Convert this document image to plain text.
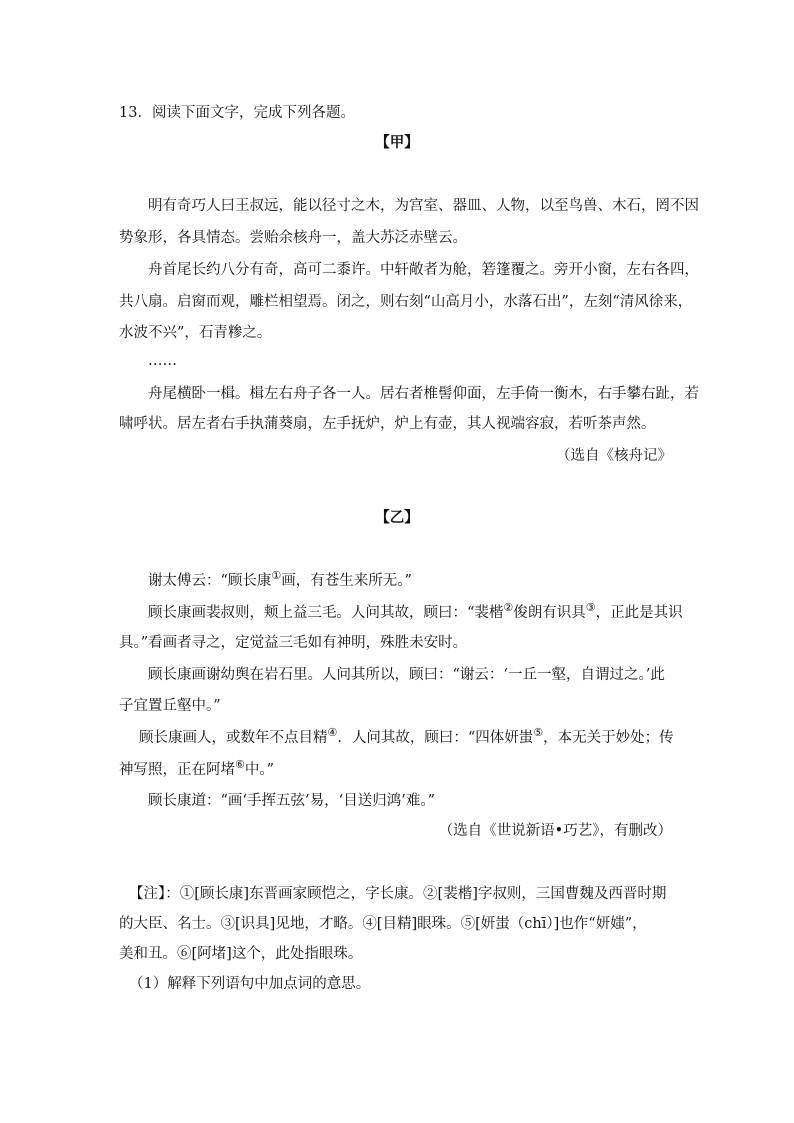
13．阅读下面文字，完成下列各题。
【甲】
明有奇巧人曰王叔远，能以径寸之木，为宫室、器皿、人物，以至鸟兽、木石，罔不因
势象形，各具情态。尝贻余核舟一，盖大苏泛赤壁云。
舟首尾长约八分有奇，高可二黍许。中轩敞者为舱，箬篷覆之。旁开小窗，左右各四，
共八扇。启窗而观，雕栏相望焉。闭之，则右刻“山高月小，水落石出”，左刻“清风徐来，
水波不兴”，石青糁之。
……
舟尾横卧一楫。楫左右舟子各一人。居右者椎髻仰面，左手倚一衡木，右手攀右趾，若
啸呼状。居左者右手执蒲葵扇，左手抚炉，炉上有壶，其人视端容寂，若听茶声然。
（选自《核舟记》
【乙】
谢太傅云：“顾长康①画，有苍生来所无。”
顾长康画裴叔则，颊上益三毛。人问其故，顾曰：“裴楷②俊朗有识具③，正此是其识
具。”看画者寻之，定觉益三毛如有神明，殊胜未安时。
顾长康画谢幼舆在岩石里。人问其所以，顾曰：“谢云：‘一丘一壑，自谓过之。’此
子宜置丘壑中。”
顾长康画人，或数年不点目精④．人问其故，顾曰：“四体妍蚩⑤，本无关于妙处；传
神写照，正在阿堵⑥中。”
顾长康道：“画‘手挥五弦’易，‘目送归鸿’难。”
（选自《世说新语•巧艺》，有删改）
【注】：①[顾长康]东晋画家顾恺之，字长康。②[裴楷]字叔则，三国曹魏及西晋时期
的大臣、名士。③[识具]见地，才略。④[目精]眼珠。⑤[妍蚩（chī）]也作“妍媸”，
美和丑。⑥[阿堵]这个，此处指眼珠。
（1）解释下列语句中加点词的意思。
